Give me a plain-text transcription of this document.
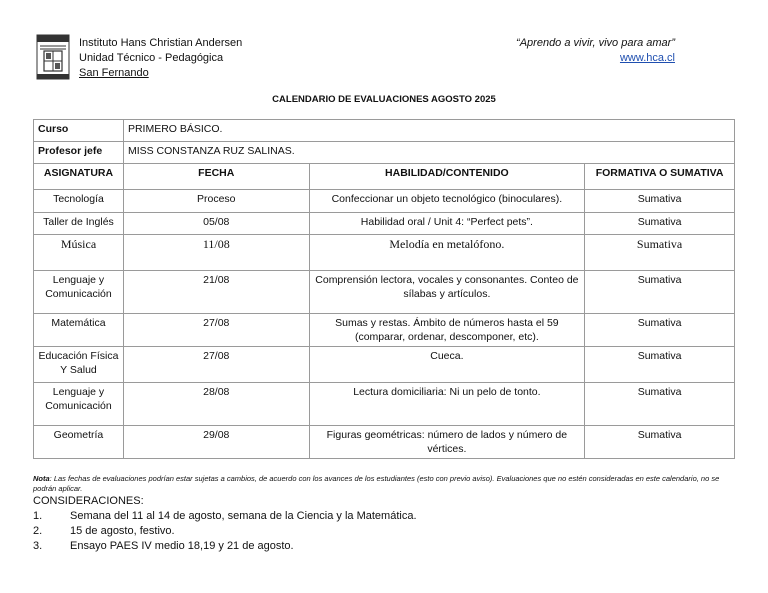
Instituto Hans Christian Andersen
Unidad Técnico - Pedagógica
San Fernando
“Aprendo a vivir, vivo para amar”
www.hca.cl
CALENDARIO DE EVALUACIONES AGOSTO 2025
Curso	PRIMERO BÁSICO.		
Profesor jefe	MISS CONSTANZA RUZ SALINAS.		
ASIGNATURA	FECHA	HABILIDAD/CONTENIDO	FORMATIVA O SUMATIVA
Tecnología	Proceso	Confeccionar un objeto tecnológico (binoculares).	Sumativa
Taller de Inglés	05/08	Habilidad oral / Unit 4: “Perfect pets”.	Sumativa
Música	11/08	Melodía en metalófono.	Sumativa
Lenguaje y Comunicación	21/08	Comprensión lectora, vocales y consonantes. Conteo de sílabas y artículos.	Sumativa
Matemática	27/08	Sumas y restas. Ámbito de números hasta el 59 (comparar, ordenar, descomponer, etc).	Sumativa
Educación Física Y Salud	27/08	Cueca.	Sumativa
Lenguaje y Comunicación	28/08	Lectura domiciliaria: Ni un pelo de tonto.	Sumativa
Geometría	29/08	Figuras geométricas: número de lados y número de vértices.	Sumativa
Nota: Las fechas de evaluaciones podrían estar sujetas a cambios, de acuerdo con los avances de los estudiantes (esto con previo aviso). Evaluaciones que no estén consideradas en este calendario, no se podrán aplicar.
CONSIDERACIONES:
1.	Semana del 11 al 14 de agosto, semana de la Ciencia y la Matemática.
2.	15 de agosto, festivo.
3.	Ensayo PAES IV medio 18,19 y 21 de agosto.
